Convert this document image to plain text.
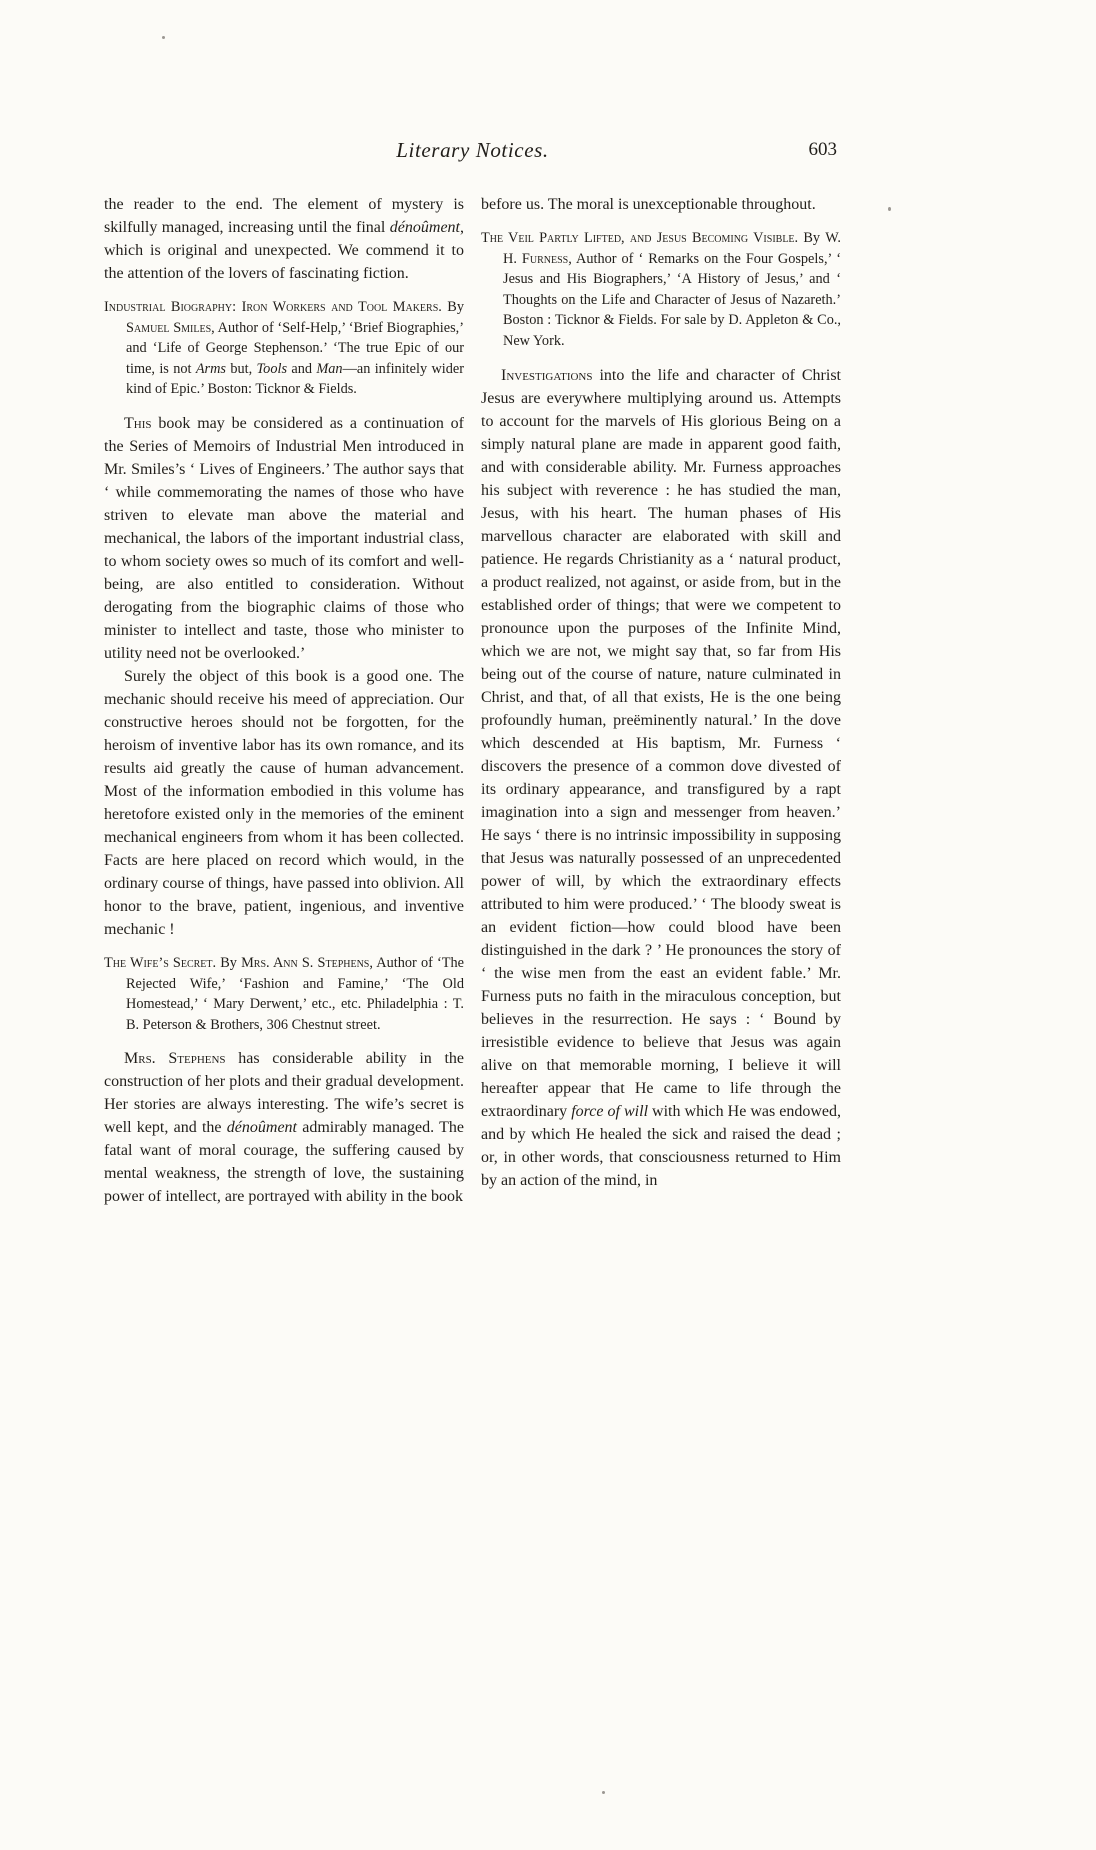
Literary Notices.	603

the reader to the end. The element of mystery is skilfully managed, increasing until the final dénoûment, which is original and unexpected. We commend it to the attention of the lovers of fascinating fiction.

Industrial Biography: Iron Workers and Tool Makers. By Samuel Smiles, Author of ‘Self-Help,’ ‘Brief Biographies,’ and ‘Life of George Stephenson.’ ‘The true Epic of our time, is not Arms but, Tools and Man—an infinitely wider kind of Epic.’ Boston: Ticknor & Fields.

This book may be considered as a continuation of the Series of Memoirs of Industrial Men introduced in Mr. Smiles’s ‘ Lives of Engineers.’ The author says that ‘ while commemorating the names of those who have striven to elevate man above the material and mechanical, the labors of the important industrial class, to whom society owes so much of its comfort and well-being, are also entitled to consideration. Without derogating from the biographic claims of those who minister to intellect and taste, those who minister to utility need not be overlooked.’

Surely the object of this book is a good one. The mechanic should receive his meed of appreciation. Our constructive heroes should not be forgotten, for the heroism of inventive labor has its own romance, and its results aid greatly the cause of human advancement. Most of the information embodied in this volume has heretofore existed only in the memories of the eminent mechanical engineers from whom it has been collected. Facts are here placed on record which would, in the ordinary course of things, have passed into oblivion. All honor to the brave, patient, ingenious, and inventive mechanic !

The Wife’s Secret. By Mrs. Ann S. Stephens, Author of ‘The Rejected Wife,’ ‘Fashion and Famine,’ ‘The Old Homestead,’ ‘ Mary Derwent,’ etc., etc. Philadelphia : T. B. Peterson & Brothers, 306 Chestnut street.

Mrs. Stephens has considerable ability in the construction of her plots and their gradual development. Her stories are always interesting. The wife’s secret is well kept, and the dénoûment admirably managed. The fatal want of moral courage, the suffering caused by mental weakness, the strength of love, the sustaining power of intellect, are portrayed with ability in the book

before us. The moral is unexceptionable throughout.

The Veil Partly Lifted, and Jesus Becoming Visible. By W. H. Furness, Author of ‘ Remarks on the Four Gospels,’ ‘ Jesus and His Biographers,’ ‘A History of Jesus,’ and ‘ Thoughts on the Life and Character of Jesus of Nazareth.’ Boston : Ticknor & Fields. For sale by D. Appleton & Co., New York.

Investigations into the life and character of Christ Jesus are everywhere multiplying around us. Attempts to account for the marvels of His glorious Being on a simply natural plane are made in apparent good faith, and with considerable ability. Mr. Furness approaches his subject with reverence : he has studied the man, Jesus, with his heart. The human phases of His marvellous character are elaborated with skill and patience. He regards Christianity as a ‘ natural product, a product realized, not against, or aside from, but in the established order of things; that were we competent to pronounce upon the purposes of the Infinite Mind, which we are not, we might say that, so far from His being out of the course of nature, nature culminated in Christ, and that, of all that exists, He is the one being profoundly human, preëminently natural.’ In the dove which descended at His baptism, Mr. Furness ‘ discovers the presence of a common dove divested of its ordinary appearance, and transfigured by a rapt imagination into a sign and messenger from heaven.’ He says ‘ there is no intrinsic impossibility in supposing that Jesus was naturally possessed of an unprecedented power of will, by which the extraordinary effects attributed to him were produced.’ ‘ The bloody sweat is an evident fiction—how could blood have been distinguished in the dark ? ’ He pronounces the story of ‘ the wise men from the east an evident fable.’ Mr. Furness puts no faith in the miraculous conception, but believes in the resurrection. He says : ‘ Bound by irresistible evidence to believe that Jesus was again alive on that memorable morning, I believe it will hereafter appear that He came to life through the extraordinary force of will with which He was endowed, and by which He healed the sick and raised the dead ; or, in other words, that consciousness returned to Him by an action of the mind, in
